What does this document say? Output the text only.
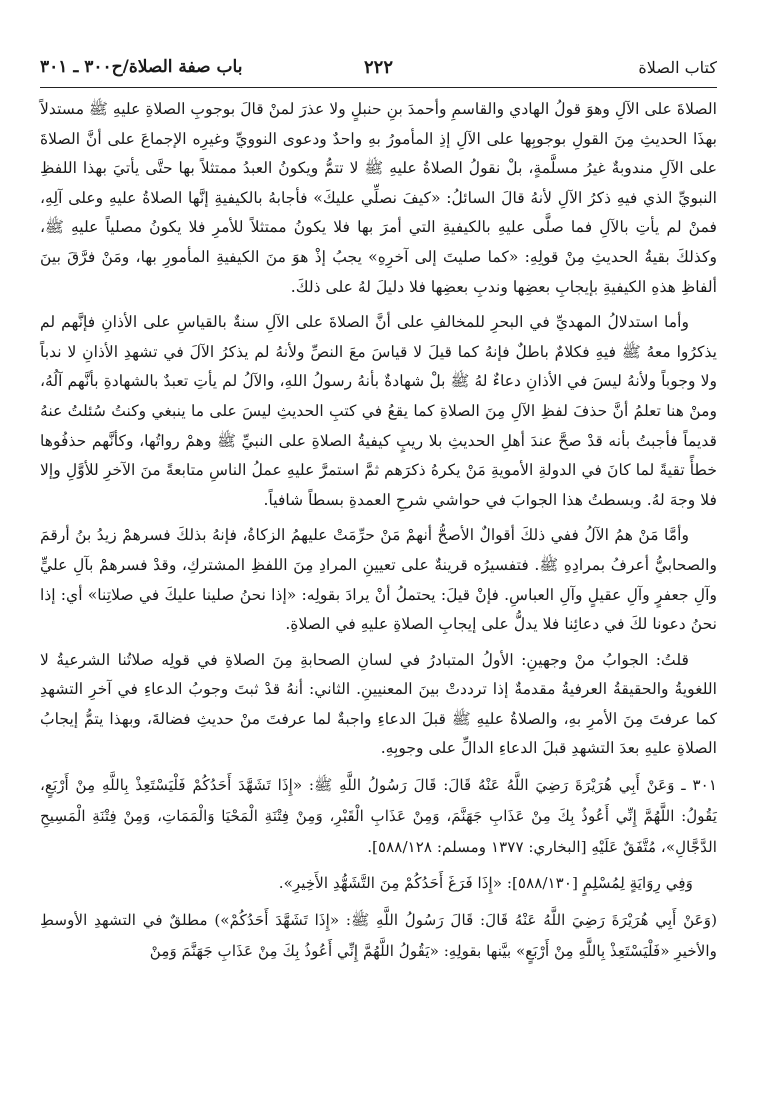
كتاب الصلاة
٢٢٢
باب صفة الصلاة/ح٣٠٠ ـ ٣٠١

الصلاةَ على الآلِ وهوَ قولُ الهادي والقاسمِ وأحمدَ بنِ حنبلٍ ولا عذرَ لمنْ قالَ بوجوبِ الصلاةِ عليهِ ﷺ مستدلاً بهذَا الحديثِ مِنَ القولِ بوجوبِها على الآلِ إذِ المأمورُ بهِ واحدٌ ودعوى النوويِّ وغيرِه الإجماعَ على أنَّ الصلاةَ على الآلِ مندوبةٌ غيرُ مسلَّمةٍ، بلْ نقولُ الصلاةُ عليهِ ﷺ لا تتمُّ ويكونُ العبدُ ممتثلاً بها حتَّى يأتيَ بهذا اللفظِ النبويِّ الذي فيهِ ذكرُ الآلِ لأنهُ قالَ السائلُ: «كيفَ نصلِّي عليكَ» فأجابهُ بالكيفيةِ إنَّها الصلاةُ عليهِ وعلى آلِهِ، فمنْ لم يأتِ بالآلِ فما صلَّى عليهِ بالكيفيةِ التي أمرَ بها فلا يكونُ ممتثلاً للأمرِ فلا يكونُ مصلياً عليهِ ﷺ، وكذلكَ بقيةُ الحديثِ مِنْ قولِهِ: «كما صليتَ إلى آخرِهِ» يجبُ إذْ هوَ منَ الكيفيةِ المأمورِ بها، ومَنْ فرَّقَ بينَ ألفاظِ هذهِ الكيفيةِ بإيجابِ بعضِها وندبِ بعضِها فلا دليلَ لهُ على ذلكَ.

وأما استدلالُ المهديِّ في البحرِ للمخالفِ على أنَّ الصلاةَ على الآلِ سنةٌ بالقياسِ على الأذانِ فإنَّهم لم يذكرُوا معهُ ﷺ فيهِ فكلامٌ باطلٌ فإنهُ كما قيلَ لا قياسَ معَ النصِّ ولأنهُ لم يذكرُ الآلَ في تشهدِ الأذانِ لا ندباً ولا وجوباً ولأنهُ ليسَ في الأذانِ دعاءٌ لهُ ﷺ بلْ شهادةٌ بأنهُ رسولُ اللهِ، والآلُ لم يأتِ تعبدٌ بالشهادةِ بأنَّهم آلُهُ، ومنْ هنا تعلمُ أنَّ حذفَ لفظِ الآلِ مِنَ الصلاةِ كما يقعُ في كتبِ الحديثِ ليسَ على ما ينبغي وكنتُ سُئلتُ عنهُ قديماً فأجبتُ بأنه قدْ صحَّ عندَ أهلِ الحديثِ بلا ريبٍ كيفيةُ الصلاةِ على النبيِّ ﷺ وهمْ رواتُها، وكأنَّهم حذفُوها خطأً تقيةً لما كانَ في الدولةِ الأمويةِ مَنْ يكرهُ ذكرَهم ثمَّ استمرَّ عليهِ عملُ الناسِ متابعةً منَ الآخرِ للأوَّلِ وإلا فلا وجهَ لهُ. وبسطتُ هذا الجوابَ في حواشي شرحِ العمدةِ بسطاً شافياً.

وأمَّا مَنْ همُ الآلُ ففي ذلكَ أقوالٌ الأصحُّ أنهمْ مَنْ حرِّمَتْ عليهمُ الزكاةُ، فإنهُ بذلكَ فسرهمْ زيدُ بنُ أرقمَ والصحابيُّ أعرفُ بمرادِهِ ﷺ. فتفسيرُه قرينةٌ على تعيينِ المرادِ مِنَ اللفظِ المشتركِ، وقدْ فسرهمْ بآلِ عليٍّ وآلِ جعفرٍ وآلِ عقيلٍ وآلِ العباسِ. فإنْ قيلَ: يحتملُ أنْ يرادَ بقولِه: «إذا نحنُ صلينا عليكَ في صلاتِنا» أي: إذا نحنُ دعونا لكَ في دعائِنا فلا يدلُّ على إيجابِ الصلاةِ عليهِ في الصلاةِ.

قلتُ: الجوابُ منْ وجهينِ: الأولُ المتبادرُ في لسانِ الصحابةِ مِنَ الصلاةِ في قولِه صلاتُنا الشرعيةُ لا اللغويةُ والحقيقةُ العرفيةُ مقدمةٌ إذا ترددتْ بينَ المعنيينِ. الثاني: أنهُ قدْ ثبتَ وجوبُ الدعاءِ في آخرِ التشهدِ كما عرفتَ مِنَ الأمرِ بهِ، والصلاةُ عليهِ ﷺ قبلَ الدعاءِ واجبةٌ لما عرفتَ منْ حديثِ فضالةَ، وبهذا يتمُّ إيجابُ الصلاةِ عليهِ بعدَ التشهدِ قبلَ الدعاءِ الدالِّ على وجوبِهِ.

٣٠١ ـ وَعَنْ أَبِي هُرَيْرَةَ رَضِيَ اللَّهُ عَنْهُ قَالَ: قَالَ رَسُولُ اللَّهِ ﷺ: «إِذَا تَشَهَّدَ أَحَدُكُمْ فَلْيَسْتَعِذْ بِاللَّهِ مِنْ أَرْبَعٍ، يَقُولُ: اللَّهُمَّ إِنِّي أَعُوذُ بِكَ مِنْ عَذَابِ جَهَنَّمَ، وَمِنْ عَذَابِ الْقَبْرِ، وَمِنْ فِتْنَةِ الْمَحْيَا وَالْمَمَاتِ، وَمِنْ فِتْنَةِ الْمَسِيحِ الدَّجَّالِ»، مُتَّفَقٌ عَلَيْهِ [البخاري: ١٣٧٧ ومسلم: ٥٨٨/١٢٨].

وَفِي رِوَايَةٍ لِمُسْلِمٍ [٥٨٨/١٣٠]: «إِذَا فَرَغَ أَحَدُكُمْ مِنَ التَّشَهُّدِ الأَخِيرِ».

(وَعَنْ أَبِي هُرَيْرَةَ رَضِيَ اللَّهُ عَنْهُ قَالَ: قَالَ رَسُولُ اللَّهِ ﷺ: «إِذَا تَشَهَّدَ أَحَدُكُمْ») مطلقٌ في التشهدِ الأوسطِ والأخيرِ «فَلْيَسْتَعِذْ بِاللَّهِ مِنْ أَرْبَعٍ» بيَّنها بقولِهِ: «يَقُولُ اللَّهُمَّ إِنِّي أَعُوذُ بِكَ مِنْ عَذَابِ جَهَنَّمَ وَمِنْ
